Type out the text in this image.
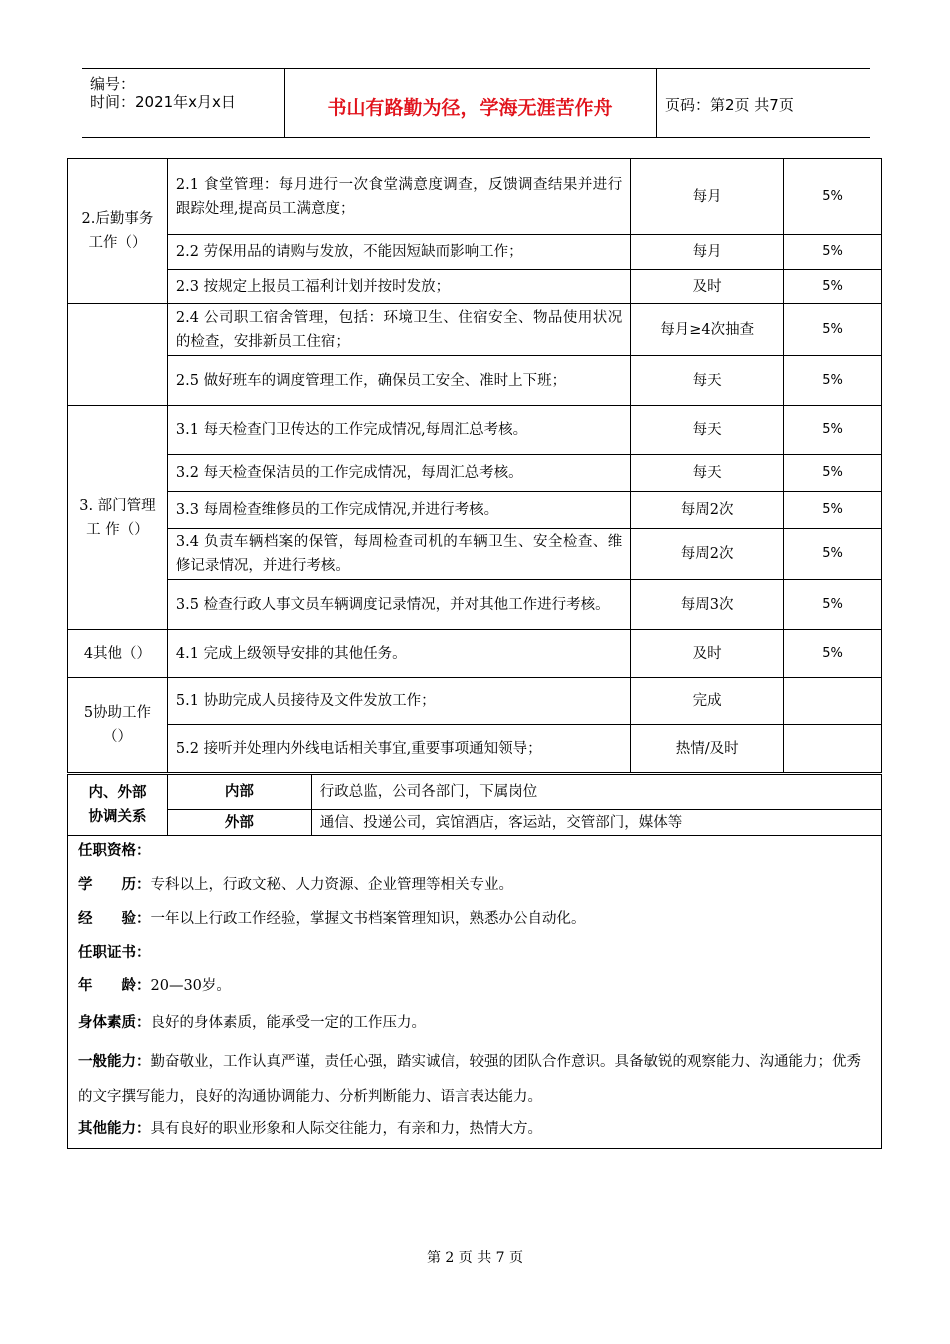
编号：
时间：2021年x月x日	书山有路勤为径，学海无涯苦作舟	页码：第2页 共7页
2.后勤事务工作（）	2.1 食堂管理：每月进行一次食堂满意度调查，反馈调查结果并进行跟踪处理,提高员工满意度；	每月	5%
	2.2 劳保用品的请购与发放，不能因短缺而影响工作；	每月	5%
	2.3 按规定上报员工福利计划并按时发放；	及时	5%
	2.4 公司职工宿舍管理，包括：环境卫生、住宿安全、物品使用状况的检查，安排新员工住宿；	每月≥4次抽查	5%
	2.5 做好班车的调度管理工作，确保员工安全、准时上下班；	每天	5%
3. 部门管理 工 作（）	3.1 每天检查门卫传达的工作完成情况,每周汇总考核。	每天	5%
	3.2 每天检查保洁员的工作完成情况，每周汇总考核。	每天	5%
	3.3 每周检查维修员的工作完成情况,并进行考核。	每周2次	5%
	3.4 负责车辆档案的保管，每周检查司机的车辆卫生、安全检查、维修记录情况，并进行考核。	每周2次	5%
	3.5 检查行政人事文员车辆调度记录情况，并对其他工作进行考核。	每周3次	5%
4其他（）	4.1 完成上级领导安排的其他任务。	及时	5%
5协助工作（）	5.1 协助完成人员接待及文件发放工作；	完成	
	5.2 接听并处理内外线电话相关事宜,重要事项通知领导；	热情/及时	
内、外部协调关系	内部	行政总监，公司各部门，下属岗位
	外部	通信、投递公司，宾馆酒店，客运站，交管部门，媒体等
任职资格：
学　　历：专科以上，行政文秘、人力资源、企业管理等相关专业。
经　　验：一年以上行政工作经验，掌握文书档案管理知识，熟悉办公自动化。
任职证书：
年　　龄：20—30岁。
身体素质：良好的身体素质，能承受一定的工作压力。
一般能力：勤奋敬业，工作认真严谨，责任心强，踏实诚信，较强的团队合作意识。具备敏锐的观察能力、沟通能力；优秀的文字撰写能力，良好的沟通协调能力、分析判断能力、语言表达能力。
其他能力：具有良好的职业形象和人际交往能力，有亲和力，热情大方。
第 2 页 共 7 页
